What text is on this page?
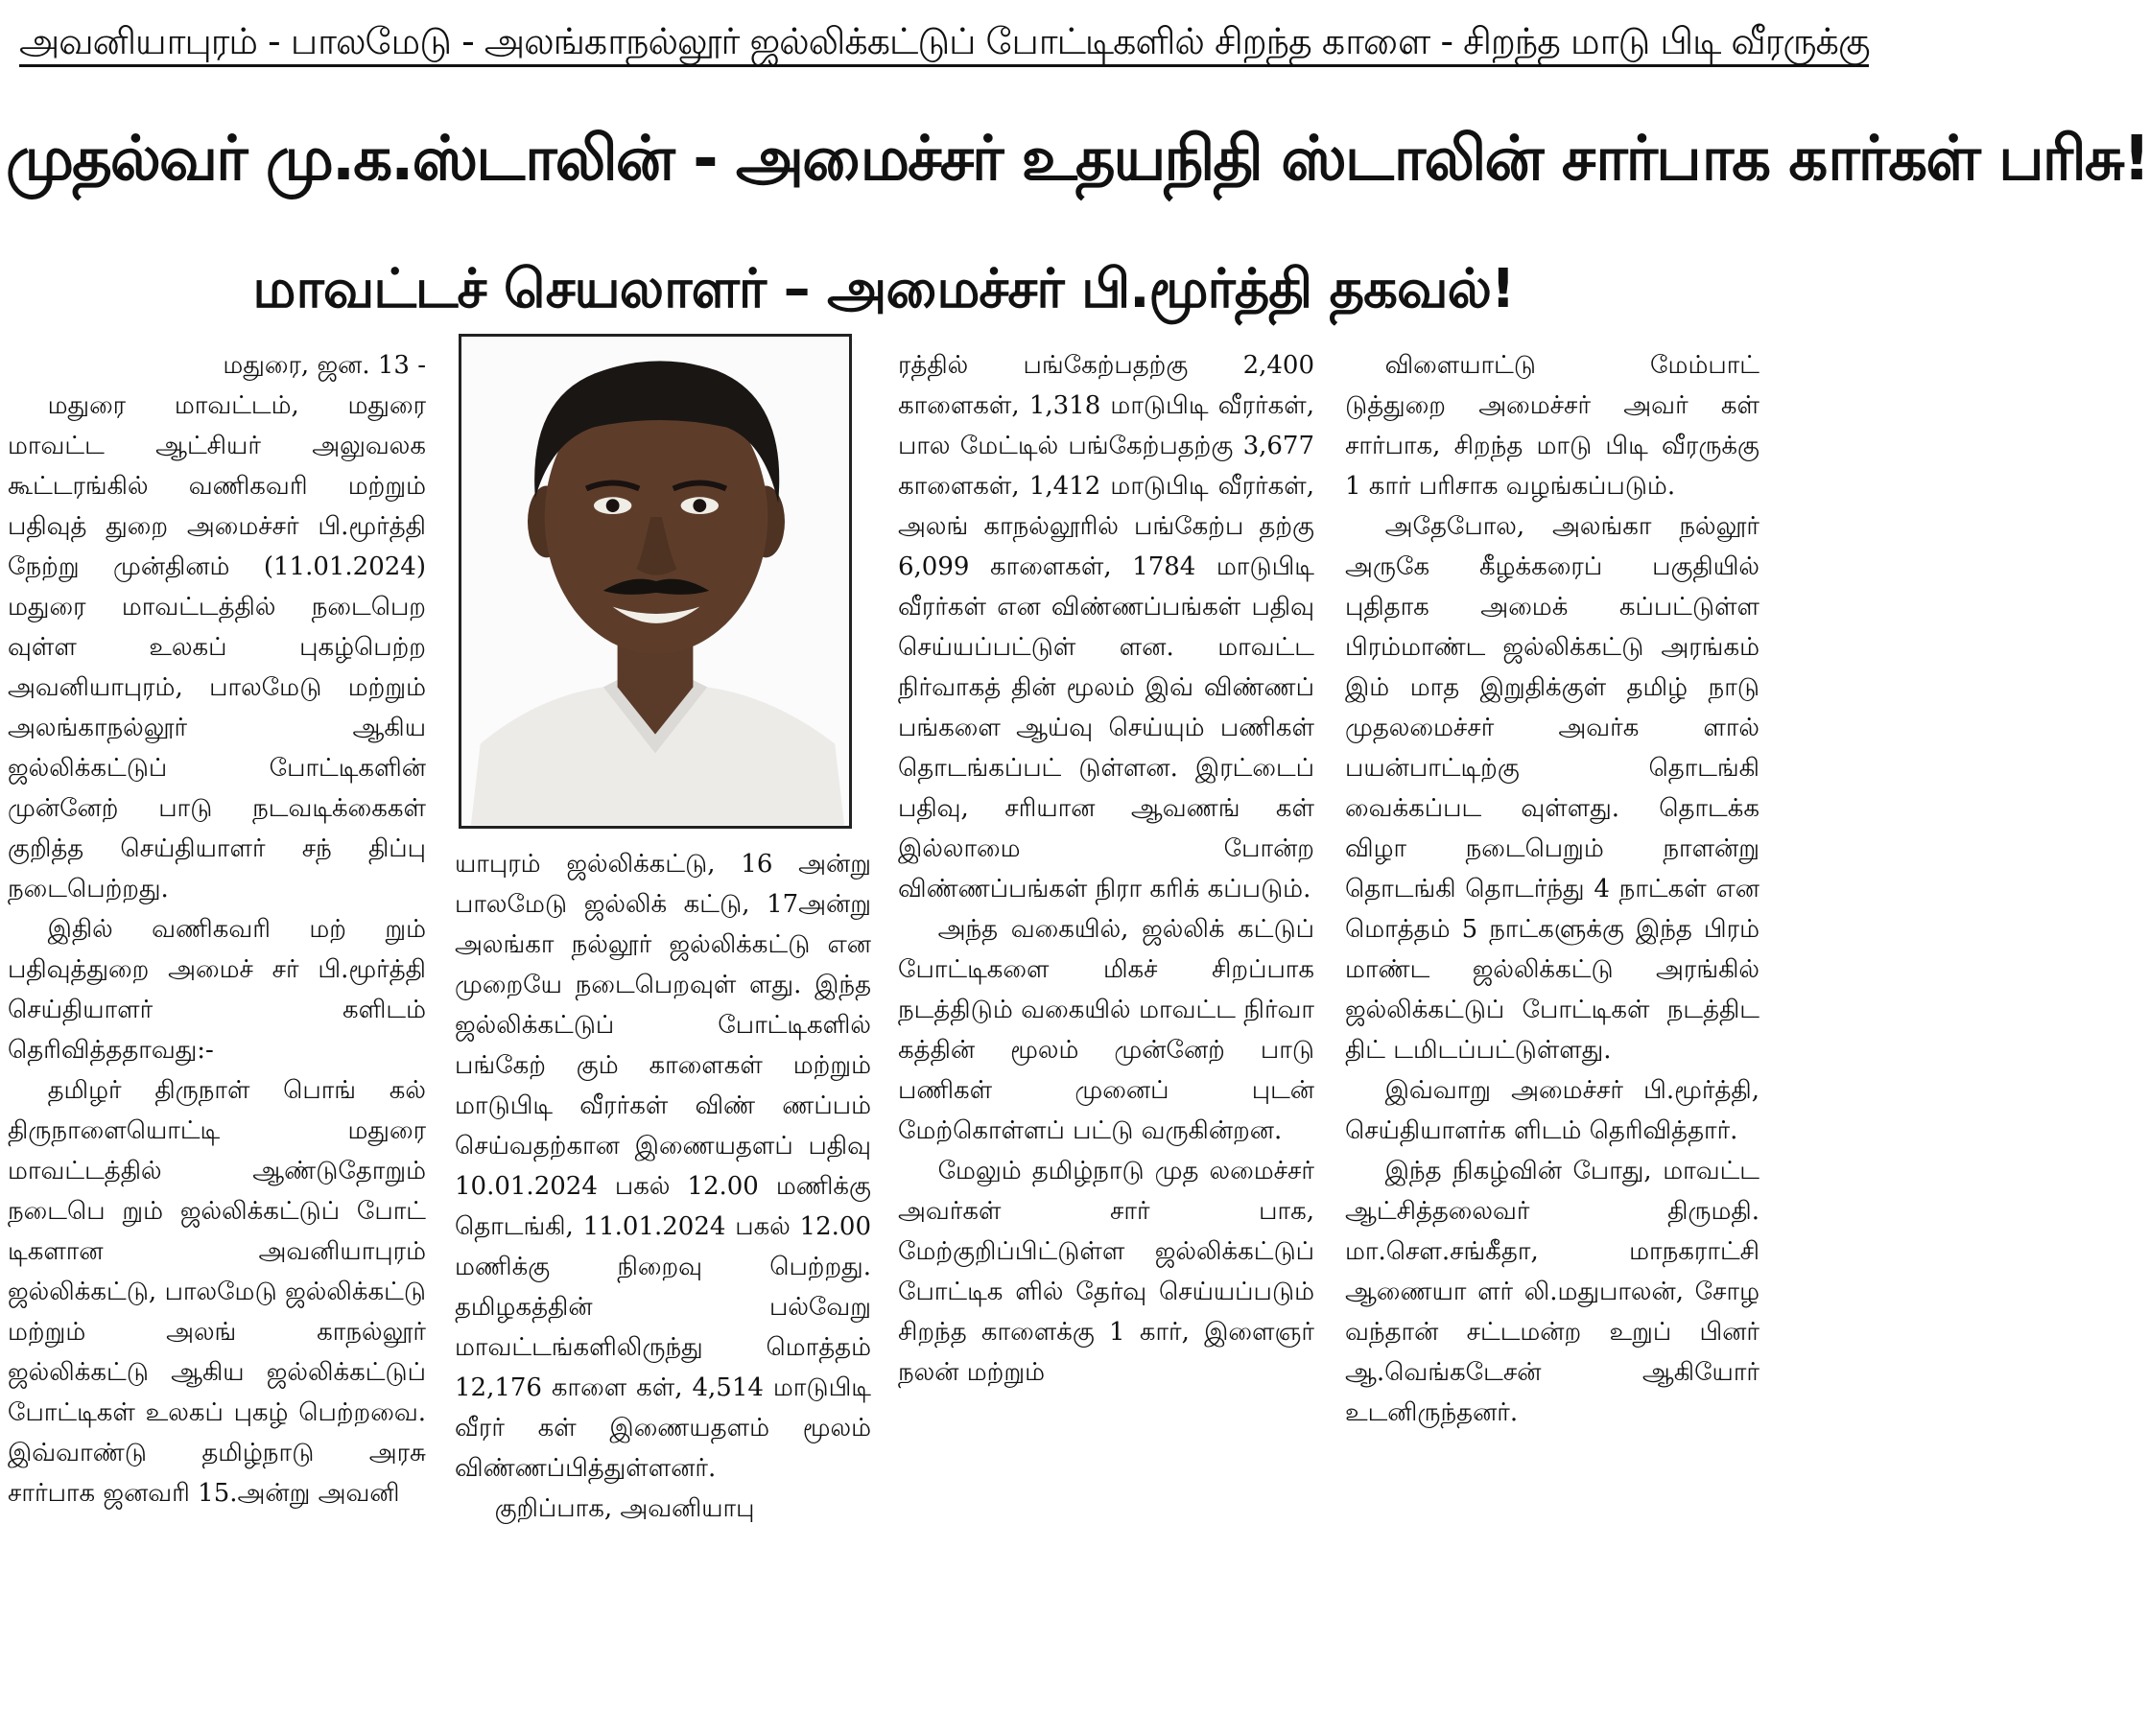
அவனியாபுரம் - பாலமேடு - அலங்காநல்லூர் ஜல்லிக்கட்டுப் போட்டிகளில் சிறந்த காளை - சிறந்த மாடு பிடி வீரருக்கு
முதல்வர் மு.க.ஸ்டாலின் - அமைச்சர் உதயநிதி ஸ்டாலின் சார்பாக கார்கள் பரிசு!
மாவட்டச் செயலாளர் – அமைச்சர் பி.மூர்த்தி தகவல்!

மதுரை, ஜன. 13 -

மதுரை மாவட்டம், மதுரை மாவட்ட ஆட்சியர் அலுவலக கூட்டரங்கில் வணிகவரி மற்றும் பதிவுத் துறை அமைச்சர் பி.மூர்த்தி நேற்று முன்தினம் (11.01.2024) மதுரை மாவட்டத்தில் நடைபெற வுள்ள உலகப் புகழ்பெற்ற அவனியாபுரம், பாலமேடு மற்றும் அலங்காநல்லூர் ஆகிய ஜல்லிக்கட்டுப் போட்டிகளின் முன்னேற் பாடு நடவடிக்கைகள் குறித்த செய்தியாளர் சந் திப்பு நடைபெற்றது.

இதில் வணிகவரி மற் றும் பதிவுத்துறை அமைச் சர் பி.மூர்த்தி செய்தியாளர் களிடம் தெரிவித்ததாவது:-

தமிழர் திருநாள் பொங் கல் திருநாளையொட்டி மதுரை மாவட்டத்தில் ஆண்டுதோறும் நடைபெ றும் ஜல்லிக்கட்டுப் போட் டிகளான அவனியாபுரம் ஜல்லிக்கட்டு, பாலமேடு ஜல்லிக்கட்டு மற்றும் அலங் காநல்லூர் ஜல்லிக்கட்டு ஆகிய ஜல்லிக்கட்டுப் போட்டிகள் உலகப் புகழ் பெற்றவை. இவ்வாண்டு தமிழ்நாடு அரசு சார்பாக ஜனவரி 15.அன்று அவனி

யாபுரம் ஜல்லிக்கட்டு, 16 அன்று பாலமேடு ஜல்லிக் கட்டு, 17அன்று அலங்கா நல்லூர் ஜல்லிக்கட்டு என முறையே நடைபெறவுள் ளது. இந்த ஜல்லிக்கட்டுப் போட்டிகளில் பங்கேற் கும் காளைகள் மற்றும் மாடுபிடி வீரர்கள் விண் ணப்பம் செய்வதற்கான இணையதளப் பதிவு 10.01.2024 பகல் 12.00 மணிக்கு தொடங்கி, 11.01.2024 பகல் 12.00 மணிக்கு நிறைவு பெற்றது. தமிழகத்தின் பல்வேறு மாவட்டங்களிலிருந்து மொத்தம் 12,176 காளை கள், 4,514 மாடுபிடி வீரர் கள் இணையதளம் மூலம் விண்ணப்பித்துள்ளனர்.

குறிப்பாக, அவனியாபு

ரத்தில் பங்கேற்பதற்கு 2,400 காளைகள், 1,318 மாடுபிடி வீரர்கள், பால மேட்டில் பங்கேற்பதற்கு 3,677 காளைகள், 1,412 மாடுபிடி வீரர்கள், அலங் காநல்லூரில் பங்கேற்ப தற்கு 6,099 காளைகள், 1784 மாடுபிடி வீரர்கள் என விண்ணப்பங்கள் பதிவு செய்யப்பட்டுள் ளன. மாவட்ட நிர்வாகத் தின் மூலம் இவ் விண்ணப் பங்களை ஆய்வு செய்யும் பணிகள் தொடங்கப்பட் டுள்ளன. இரட்டைப் பதிவு, சரியான ஆவணங் கள் இல்லாமை போன்ற விண்ணப்பங்கள் நிரா கரிக் கப்படும்.

அந்த வகையில், ஜல்லிக் கட்டுப் போட்டிகளை மிகச் சிறப்பாக நடத்திடும் வகையில் மாவட்ட நிர்வா கத்தின் மூலம் முன்னேற் பாடு பணிகள் முனைப் புடன் மேற்கொள்ளப் பட்டு வருகின்றன.

மேலும் தமிழ்நாடு முத லமைச்சர் அவர்கள் சார் பாக, மேற்குறிப்பிட்டுள்ள ஜல்லிக்கட்டுப் போட்டிக ளில் தேர்வு செய்யப்படும் சிறந்த காளைக்கு 1 கார், இளைஞர் நலன் மற்றும்

விளையாட்டு மேம்பாட் டுத்துறை அமைச்சர் அவர் கள் சார்பாக, சிறந்த மாடு பிடி வீரருக்கு 1 கார் பரிசாக வழங்கப்படும்.

அதேபோல, அலங்கா நல்லூர் அருகே கீழக்கரைப் பகுதியில் புதிதாக அமைக் கப்பட்டுள்ள பிரம்மாண்ட ஜல்லிக்கட்டு அரங்கம் இம் மாத இறுதிக்குள் தமிழ் நாடு முதலமைச்சர் அவர்க ளால் பயன்பாட்டிற்கு தொடங்கி வைக்கப்பட வுள்ளது. தொடக்க விழா நடைபெறும் நாளன்று தொடங்கி தொடர்ந்து 4 நாட்கள் என மொத்தம் 5 நாட்களுக்கு இந்த பிரம் மாண்ட ஜல்லிக்கட்டு அரங்கில் ஜல்லிக்கட்டுப் போட்டிகள் நடத்திட திட் டமிடப்பட்டுள்ளது.

இவ்வாறு அமைச்சர் பி.மூர்த்தி, செய்தியாளர்க ளிடம் தெரிவித்தார்.

இந்த நிகழ்வின் போது, மாவட்ட ஆட்சித்தலைவர் திருமதி. மா.செள.சங்கீதா, மாநகராட்சி ஆணையா ளர் லி.மதுபாலன், சோழ வந்தான் சட்டமன்ற உறுப் பினர் ஆ.வெங்கடேசன் ஆகியோர் உடனிருந்தனர்.
